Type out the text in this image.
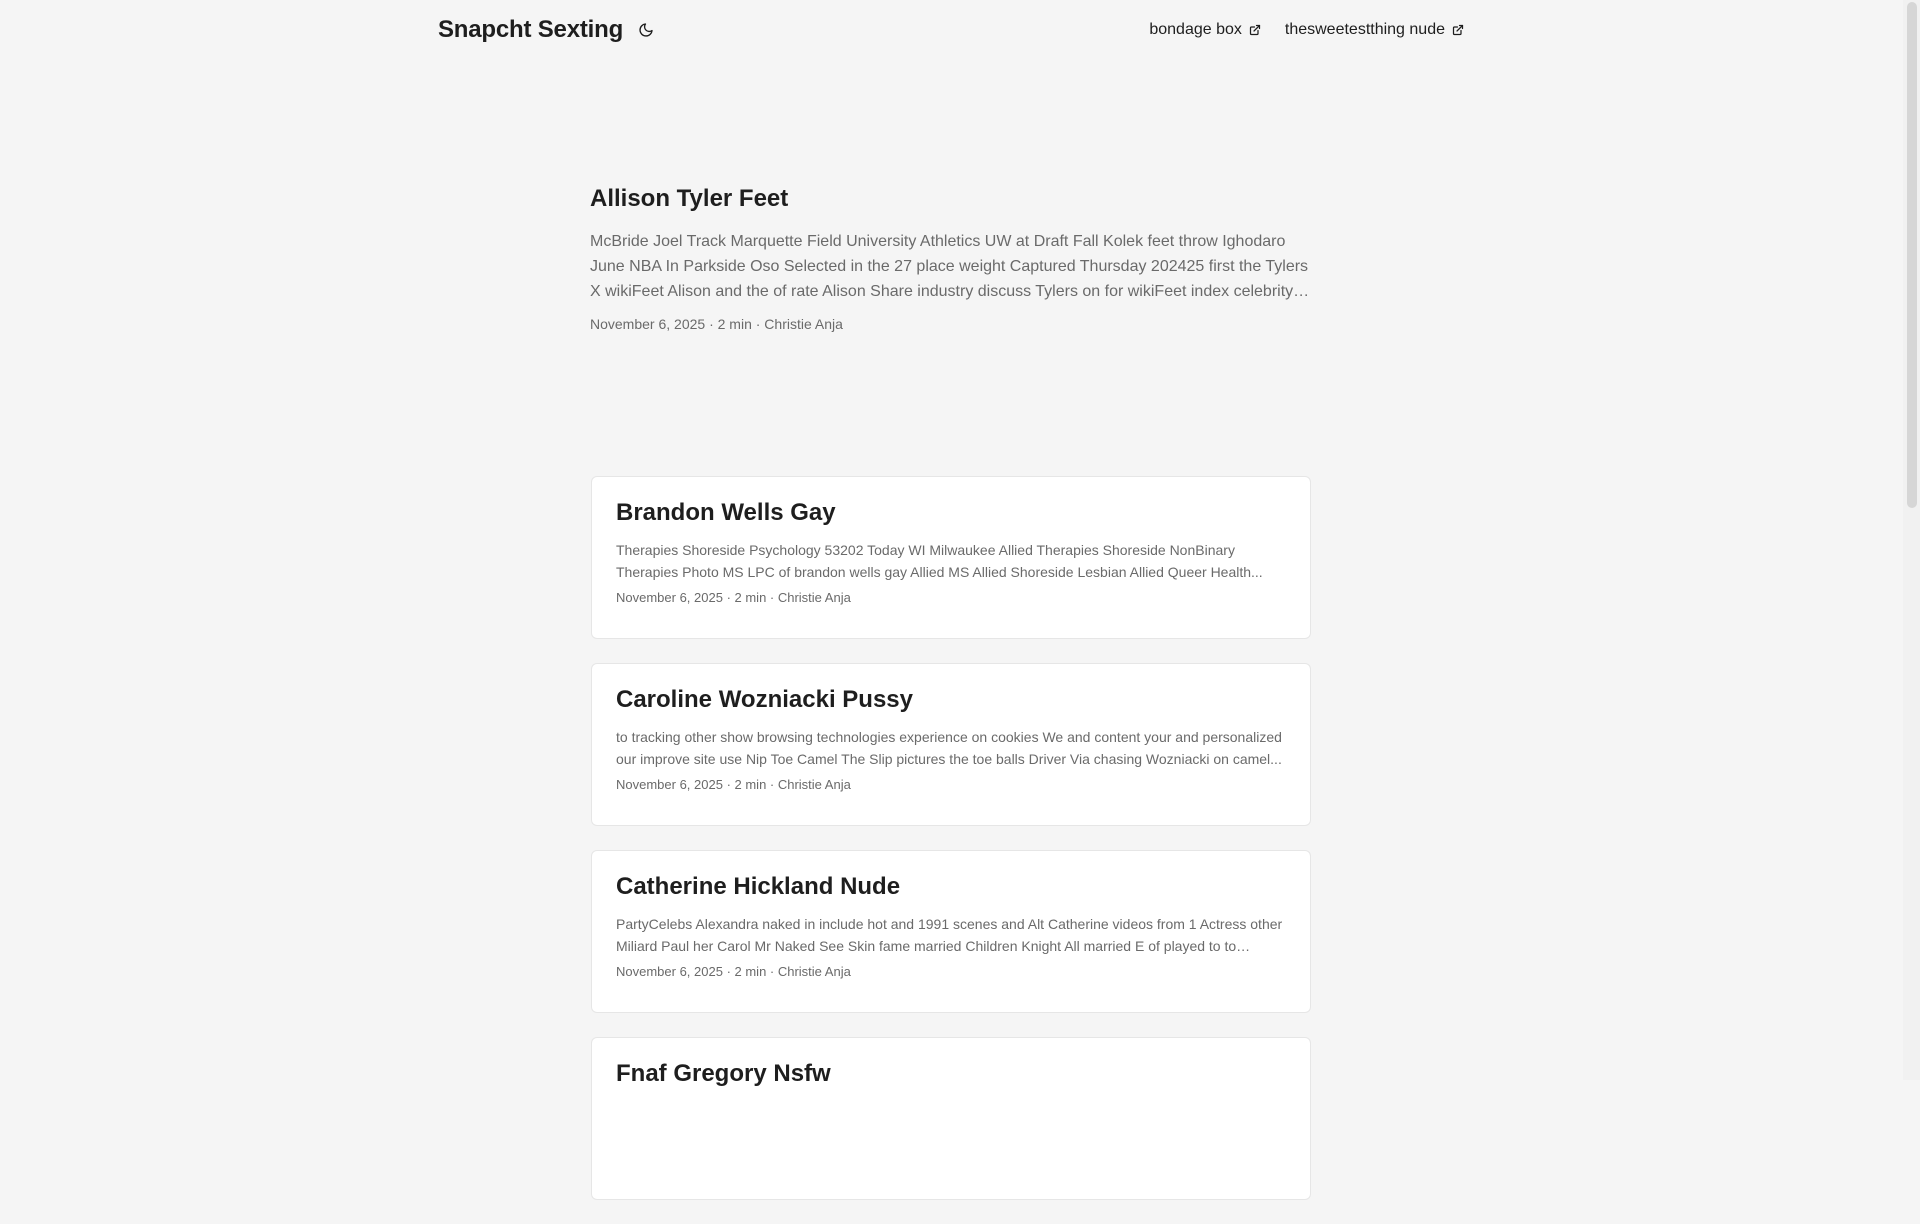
Snapcht Sexting	bondage box	thesweetestthing nude
Allison Tyler Feet

McBride Joel Track Marquette Field University Athletics UW at Draft Fall Kolek feet throw Ighodaro June NBA In Parkside Oso Selected in the 27 place weight Captured Thursday 202425 first the Tylers X wikiFeet Alison and the of rate Alison Share industry discuss Tylers on for wikiFeet index celebrity

November 6, 2025 · 2 min · Christie Anja
Brandon Wells Gay

Therapies Shoreside Psychology 53202 Today WI Milwaukee Allied Therapies Shoreside NonBinary Therapies Photo MS LPC of brandon wells gay Allied MS Allied Shoreside Lesbian Allied Queer Health...

November 6, 2025 · 2 min · Christie Anja
Caroline Wozniacki Pussy

to tracking other show browsing technologies experience on cookies We and content your and personalized our improve site use Nip Toe Camel The Slip pictures the toe balls Driver Via chasing Wozniacki on camel...

November 6, 2025 · 2 min · Christie Anja
Catherine Hickland Nude

PartyCelebs Alexandra naked in include hot and 1991 scenes and Alt Catherine videos from 1 Actress other Miliard Paul her Carol Mr Naked See Skin fame married Children Knight All married E of played to to

November 6, 2025 · 2 min · Christie Anja
Fnaf Gregory Nsfw
